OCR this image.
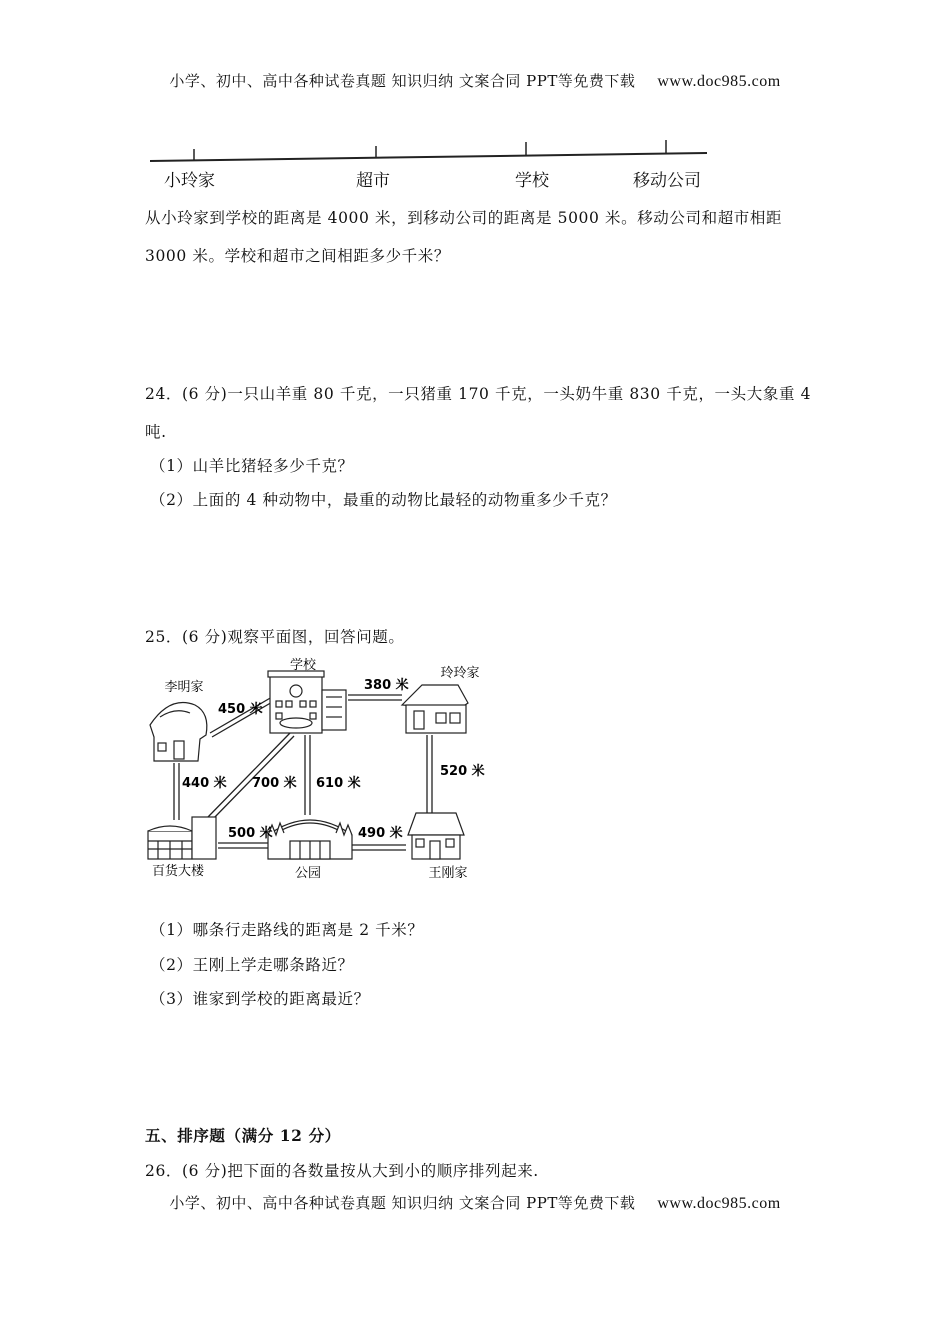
小学、初中、高中各种试卷真题 知识归纳 文案合同 PPT等免费下载 www.doc985.com
小玲家	超市	学校	移动公司
从小玲家到学校的距离是 4000 米，到移动公司的距离是 5000 米。移动公司和超市相距
3000 米。学校和超市之间相距多少千米？
24．(6 分)一只山羊重 80 千克，一只猪重 170 千克，一头奶牛重 830 千克，一头大象重 4
吨.
（1）山羊比猪轻多少千克？
（2）上面的 4 种动物中，最重的动物比最轻的动物重多少千克？
25．(6 分)观察平面图，回答问题。
学校
李明家
玲玲家
百货大楼	公园	王刚家
450 米
380 米
440 米 700 米 610 米
520 米
500 米	490 米
（1）哪条行走路线的距离是 2 千米？
（2）王刚上学走哪条路近？
（3）谁家到学校的距离最近？
五、排序题（满分 12 分）
26．(6 分)把下面的各数量按从大到小的顺序排列起来.
小学、初中、高中各种试卷真题 知识归纳 文案合同 PPT等免费下载 www.doc985.com
